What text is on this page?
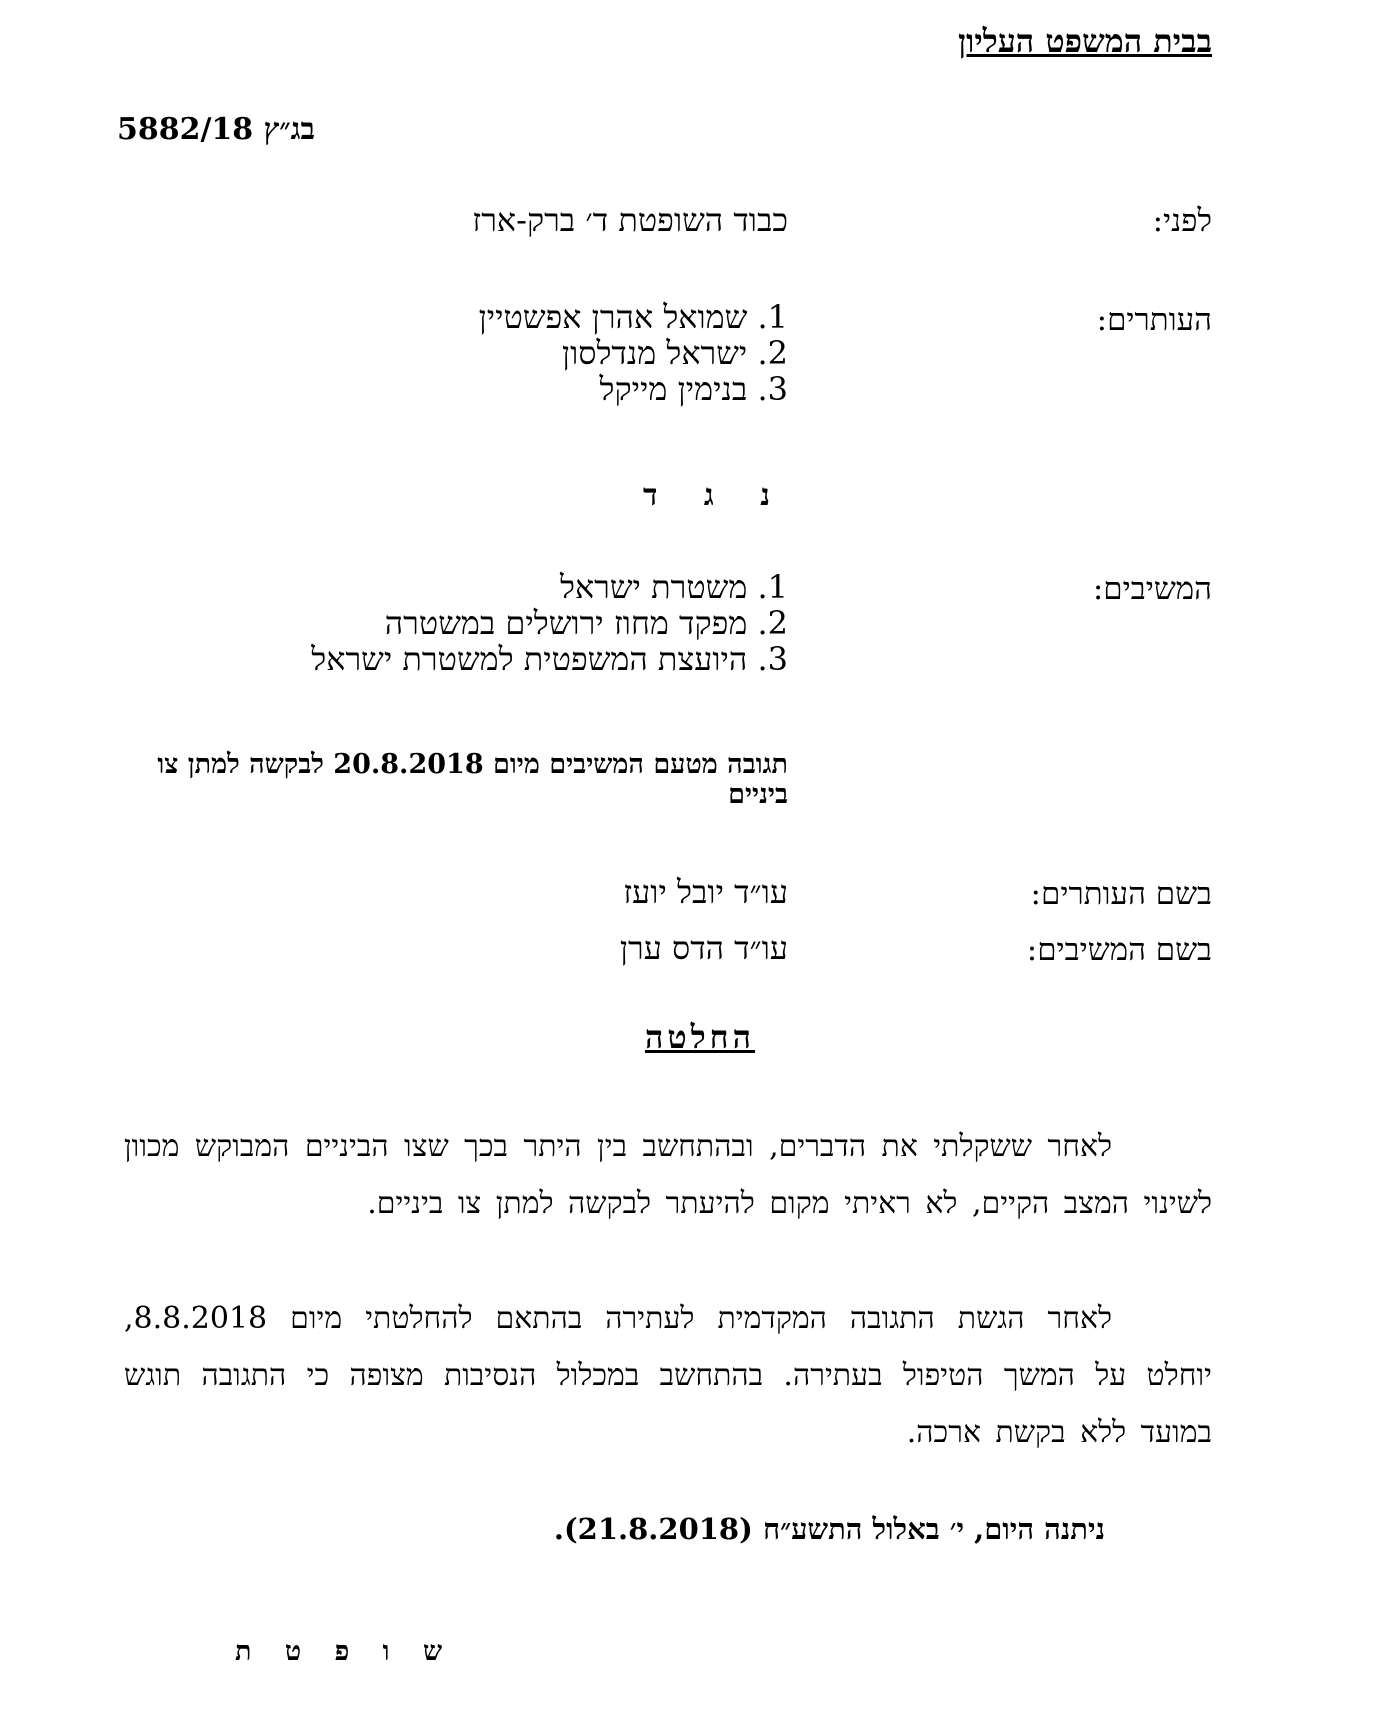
בבית המשפט העליון
בג״ץ 5882/18
לפני:
כבוד השופטת ד׳ ברק-ארז
העותרים:
1. שמואל אהרן אפשטיין
2. ישראל מנדלסון
3. בנימין מייקל
נ ג ד
המשיבים:
1. משטרת ישראל
2. מפקד מחוז ירושלים במשטרה
3. היועצת המשפטית למשטרת ישראל
תגובה מטעם המשיבים מיום 20.8.2018 לבקשה למתן צו ביניים
בשם העותרים:
עו״ד יובל יועז
בשם המשיבים:
עו״ד הדס ערן
החלטה
לאחר ששקלתי את הדברים, ובהתחשב בין היתר בכך שצו הביניים המבוקש מכוון לשינוי המצב הקיים, לא ראיתי מקום להיעתר לבקשה למתן צו ביניים.
לאחר הגשת התגובה המקדמית לעתירה בהתאם להחלטתי מיום 8.8.2018, יוחלט על המשך הטיפול בעתירה. בהתחשב במכלול הנסיבות מצופה כי התגובה תוגש במועד ללא בקשת ארכה.
ניתנה היום, י׳ באלול התשע״ח (21.8.2018).
ש ו פ ט ת
